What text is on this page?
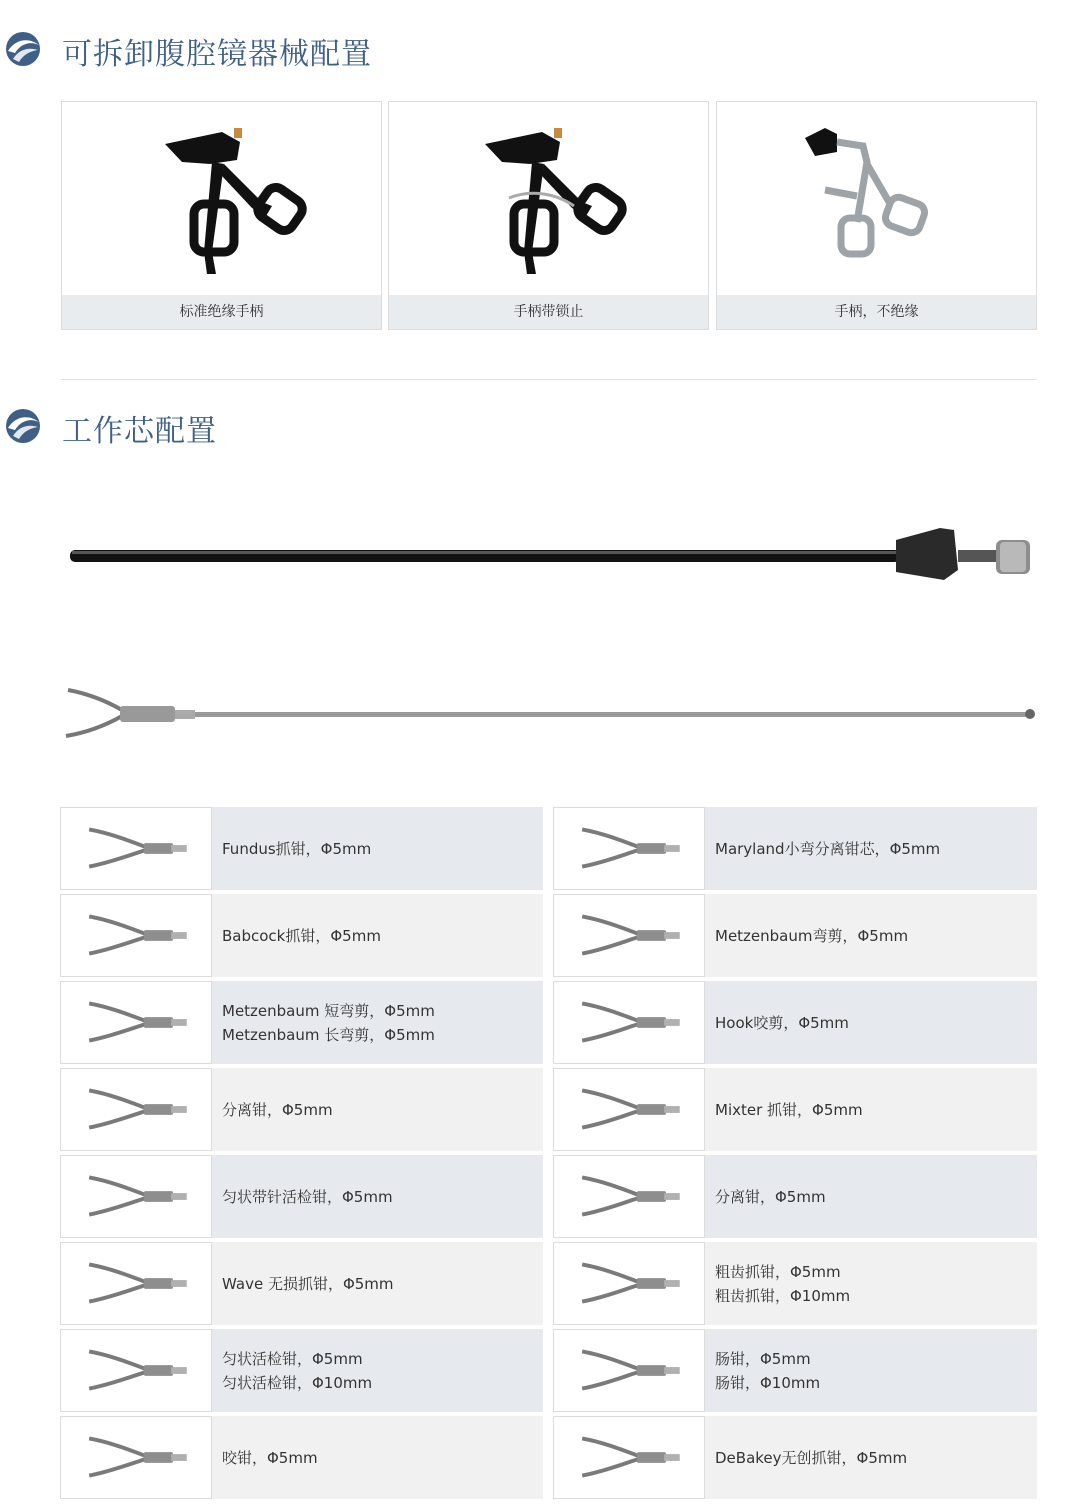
可拆卸腹腔镜器械配置
标准绝缘手柄	手柄带锁止	手柄，不绝缘
工作芯配置
Fundus抓钳，Φ5mm
Babcock抓钳，Φ5mm
Metzenbaum 短弯剪，Φ5mm
Metzenbaum 长弯剪，Φ5mm
分离钳，Φ5mm
匀状带针活检钳，Φ5mm
Wave 无损抓钳，Φ5mm
匀状活检钳，Φ5mm
匀状活检钳，Φ10mm
咬钳，Φ5mm
Maryland小弯分离钳芯，Φ5mm
Metzenbaum弯剪，Φ5mm
Hook咬剪，Φ5mm
Mixter 抓钳，Φ5mm
分离钳，Φ5mm
粗齿抓钳，Φ5mm
粗齿抓钳，Φ10mm
肠钳，Φ5mm
肠钳，Φ10mm
DeBakey无创抓钳，Φ5mm
